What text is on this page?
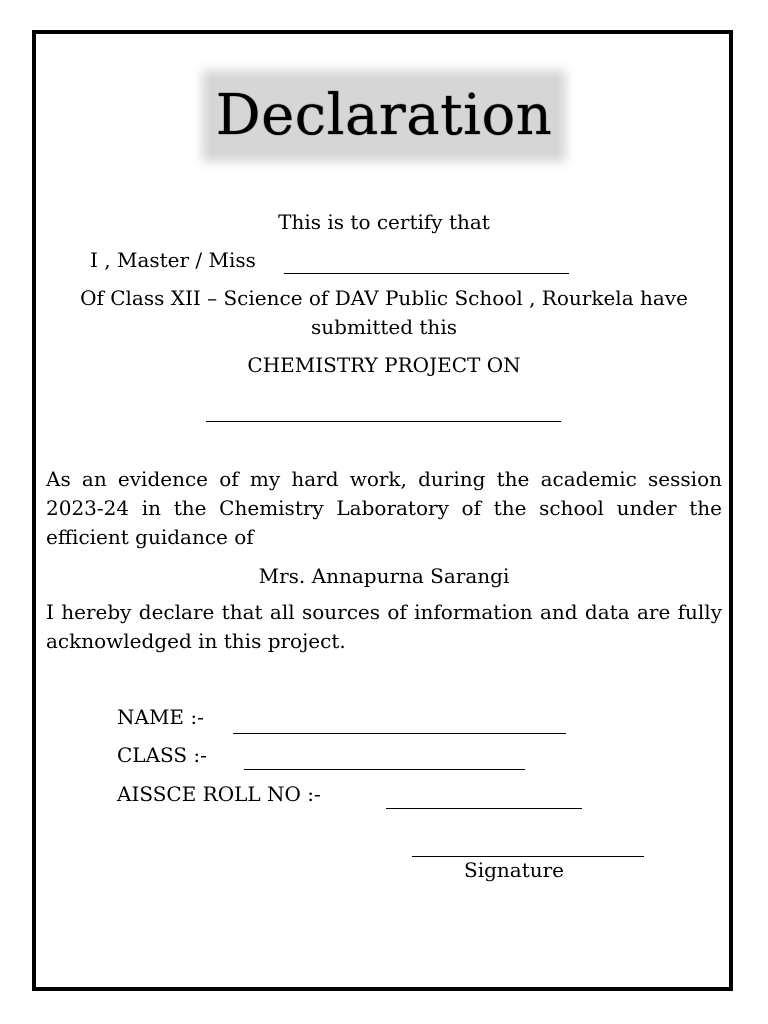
Declaration
This is to certify that
I , Master / Miss
Of Class XII – Science of DAV Public School , Rourkela have
submitted this
CHEMISTRY PROJECT ON
As an evidence of my hard work, during the academic session 2023-24 in the Chemistry Laboratory of the school under the efficient guidance of
Mrs. Annapurna Sarangi
I hereby declare that all sources of information and data are fully acknowledged in this project.
NAME :-
CLASS :-
AISSCE ROLL NO :-
Signature
